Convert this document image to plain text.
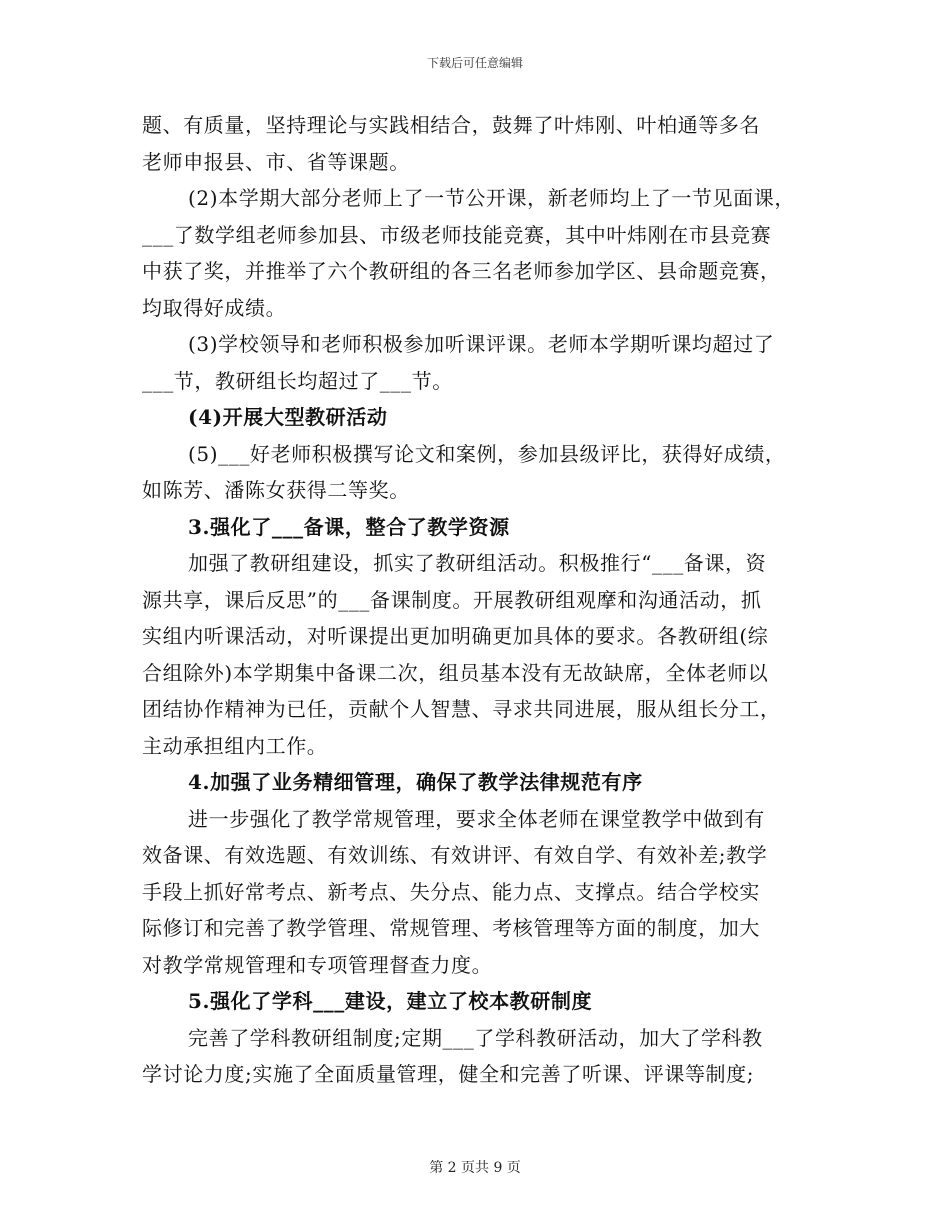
下载后可任意编辑
题、有质量，坚持理论与实践相结合，鼓舞了叶炜刚、叶柏通等多名
老师申报县、市、省等课题。
(2)本学期大部分老师上了一节公开课，新老师均上了一节见面课，
___了数学组老师参加县、市级老师技能竞赛，其中叶炜刚在市县竞赛
中获了奖，并推举了六个教研组的各三名老师参加学区、县命题竞赛，
均取得好成绩。
(3)学校领导和老师积极参加听课评课。老师本学期听课均超过了
___节，教研组长均超过了___节。
(4)开展大型教研活动
(5)___好老师积极撰写论文和案例，参加县级评比，获得好成绩，
如陈芳、潘陈女获得二等奖。
3.强化了___备课，整合了教学资源
加强了教研组建设，抓实了教研组活动。积极推行“___备课，资
源共享，课后反思”的___备课制度。开展教研组观摩和沟通活动，抓
实组内听课活动，对听课提出更加明确更加具体的要求。各教研组(综
合组除外)本学期集中备课二次，组员基本没有无故缺席，全体老师以
团结协作精神为已任，贡献个人智慧、寻求共同进展，服从组长分工，
主动承担组内工作。
4.加强了业务精细管理，确保了教学法律规范有序
进一步强化了教学常规管理，要求全体老师在课堂教学中做到有
效备课、有效选题、有效训练、有效讲评、有效自学、有效补差;教学
手段上抓好常考点、新考点、失分点、能力点、支撑点。结合学校实
际修订和完善了教学管理、常规管理、考核管理等方面的制度，加大
对教学常规管理和专项管理督查力度。
5.强化了学科___建设，建立了校本教研制度
完善了学科教研组制度;定期___了学科教研活动，加大了学科教
学讨论力度;实施了全面质量管理，健全和完善了听课、评课等制度;
第 2 页共 9 页
